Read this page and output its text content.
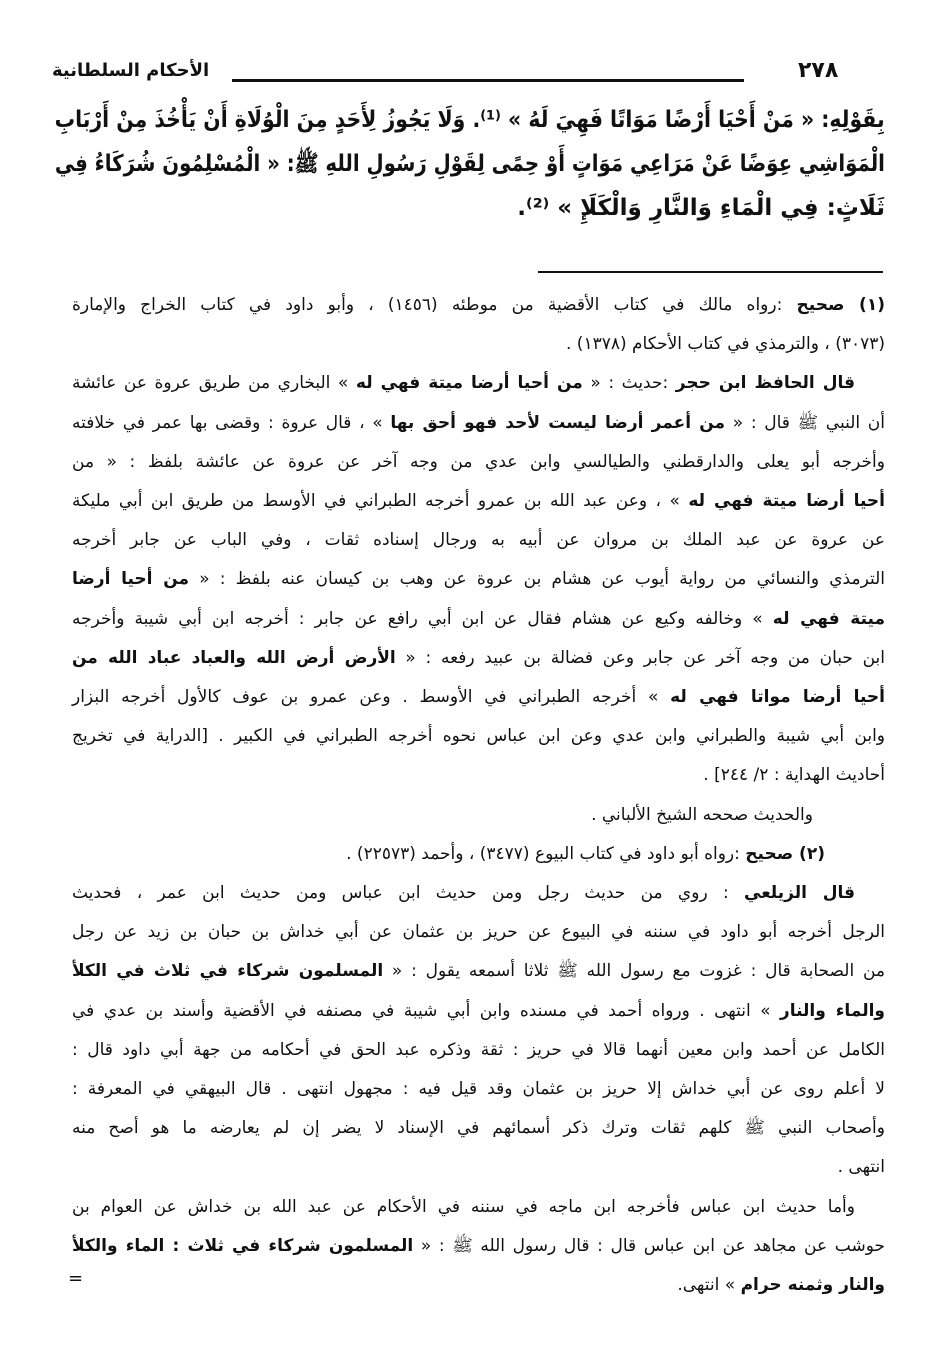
٢٧٨
الأحكام السلطانية
بِقَوْلِهِ: « مَنْ أَحْيَا أَرْضًا مَوَاتًا فَهِيَ لَهُ » ⁽¹⁾. وَلَا يَجُوزُ لِأَحَدٍ مِنَ الْوُلَاةِ أَنْ يَأْخُذَ مِنْ أَرْبَابِ
الْمَوَاشِي عِوَضًا عَنْ مَرَاعِي مَوَاتٍ أَوْ حِمًى لِقَوْلِ رَسُولِ اللهِ ﷺ: « الْمُسْلِمُونَ شُرَكَاءُ فِي
ثَلَاثٍ: فِي الْمَاءِ وَالنَّارِ وَالْكَلَإِ » ⁽²⁾.
(١) صحيح :رواه مالك في كتاب الأقضية من موطئه (١٤٥٦) ، وأبو داود في كتاب الخراج والإمارة
(٣٠٧٣) ، والترمذي في كتاب الأحكام (١٣٧٨) .
قال الحافظ ابن حجر :حديث : « من أحيا أرضا ميتة فهي له » البخاري من طريق عروة عن عائشة
أن النبي ﷺ قال : « من أعمر أرضا ليست لأحد فهو أحق بها » ، قال عروة : وقضى بها عمر في خلافته
وأخرجه أبو يعلى والدارقطني والطيالسي وابن عدي من وجه آخر عن عروة عن عائشة بلفظ : « من
أحيا أرضا ميتة فهي له » ، وعن عبد الله بن عمرو أخرجه الطبراني في الأوسط من طريق ابن أبي مليكة
عن عروة عن عبد الملك بن مروان عن أبيه به ورجال إسناده ثقات ، وفي الباب عن جابر أخرجه
الترمذي والنسائي من رواية أيوب عن هشام بن عروة عن وهب بن كيسان عنه بلفظ : « من أحيا أرضا
ميتة فهي له » وخالفه وكيع عن هشام فقال عن ابن أبي رافع عن جابر : أخرجه ابن أبي شيبة وأخرجه
ابن حبان من وجه آخر عن جابر وعن فضالة بن عبيد رفعه : « الأرض أرض الله والعباد عباد الله من
أحيا أرضا مواتا فهي له » أخرجه الطبراني في الأوسط . وعن عمرو بن عوف كالأول أخرجه البزار
وابن أبي شيبة والطبراني وابن عدي وعن ابن عباس نحوه أخرجه الطبراني في الكبير . [الدراية في تخريج
أحاديث الهداية : ٢/ ٢٤٤] .
والحديث صححه الشيخ الألباني .
(٢) صحيح :رواه أبو داود في كتاب البيوع (٣٤٧٧) ، وأحمد (٢٢٥٧٣) .
قال الزيلعي : روي من حديث رجل ومن حديث ابن عباس ومن حديث ابن عمر ، فحديث
الرجل أخرجه أبو داود في سننه في البيوع عن حريز بن عثمان عن أبي خداش بن حبان بن زيد عن رجل
من الصحابة قال : غزوت مع رسول الله ﷺ ثلاثا أسمعه يقول : « المسلمون شركاء في ثلاث في الكلأ
والماء والنار » انتهى . ورواه أحمد في مسنده وابن أبي شيبة في مصنفه في الأقضية وأسند بن عدي في
الكامل عن أحمد وابن معين أنهما قالا في حريز : ثقة وذكره عبد الحق في أحكامه من جهة أبي داود قال :
لا أعلم روى عن أبي خداش إلا حريز بن عثمان وقد قيل فيه : مجهول انتهى . قال البيهقي في المعرفة :
وأصحاب النبي ﷺ كلهم ثقات وترك ذكر أسمائهم في الإسناد لا يضر إن لم يعارضه ما هو أصح منه
انتهى .
وأما حديث ابن عباس فأخرجه ابن ماجه في سننه في الأحكام عن عبد الله بن خداش عن العوام بن
حوشب عن مجاهد عن ابن عباس قال : قال رسول الله ﷺ : « المسلمون شركاء في ثلاث : الماء والكلأ
والنار وثمنه حرام » انتهى.
=
